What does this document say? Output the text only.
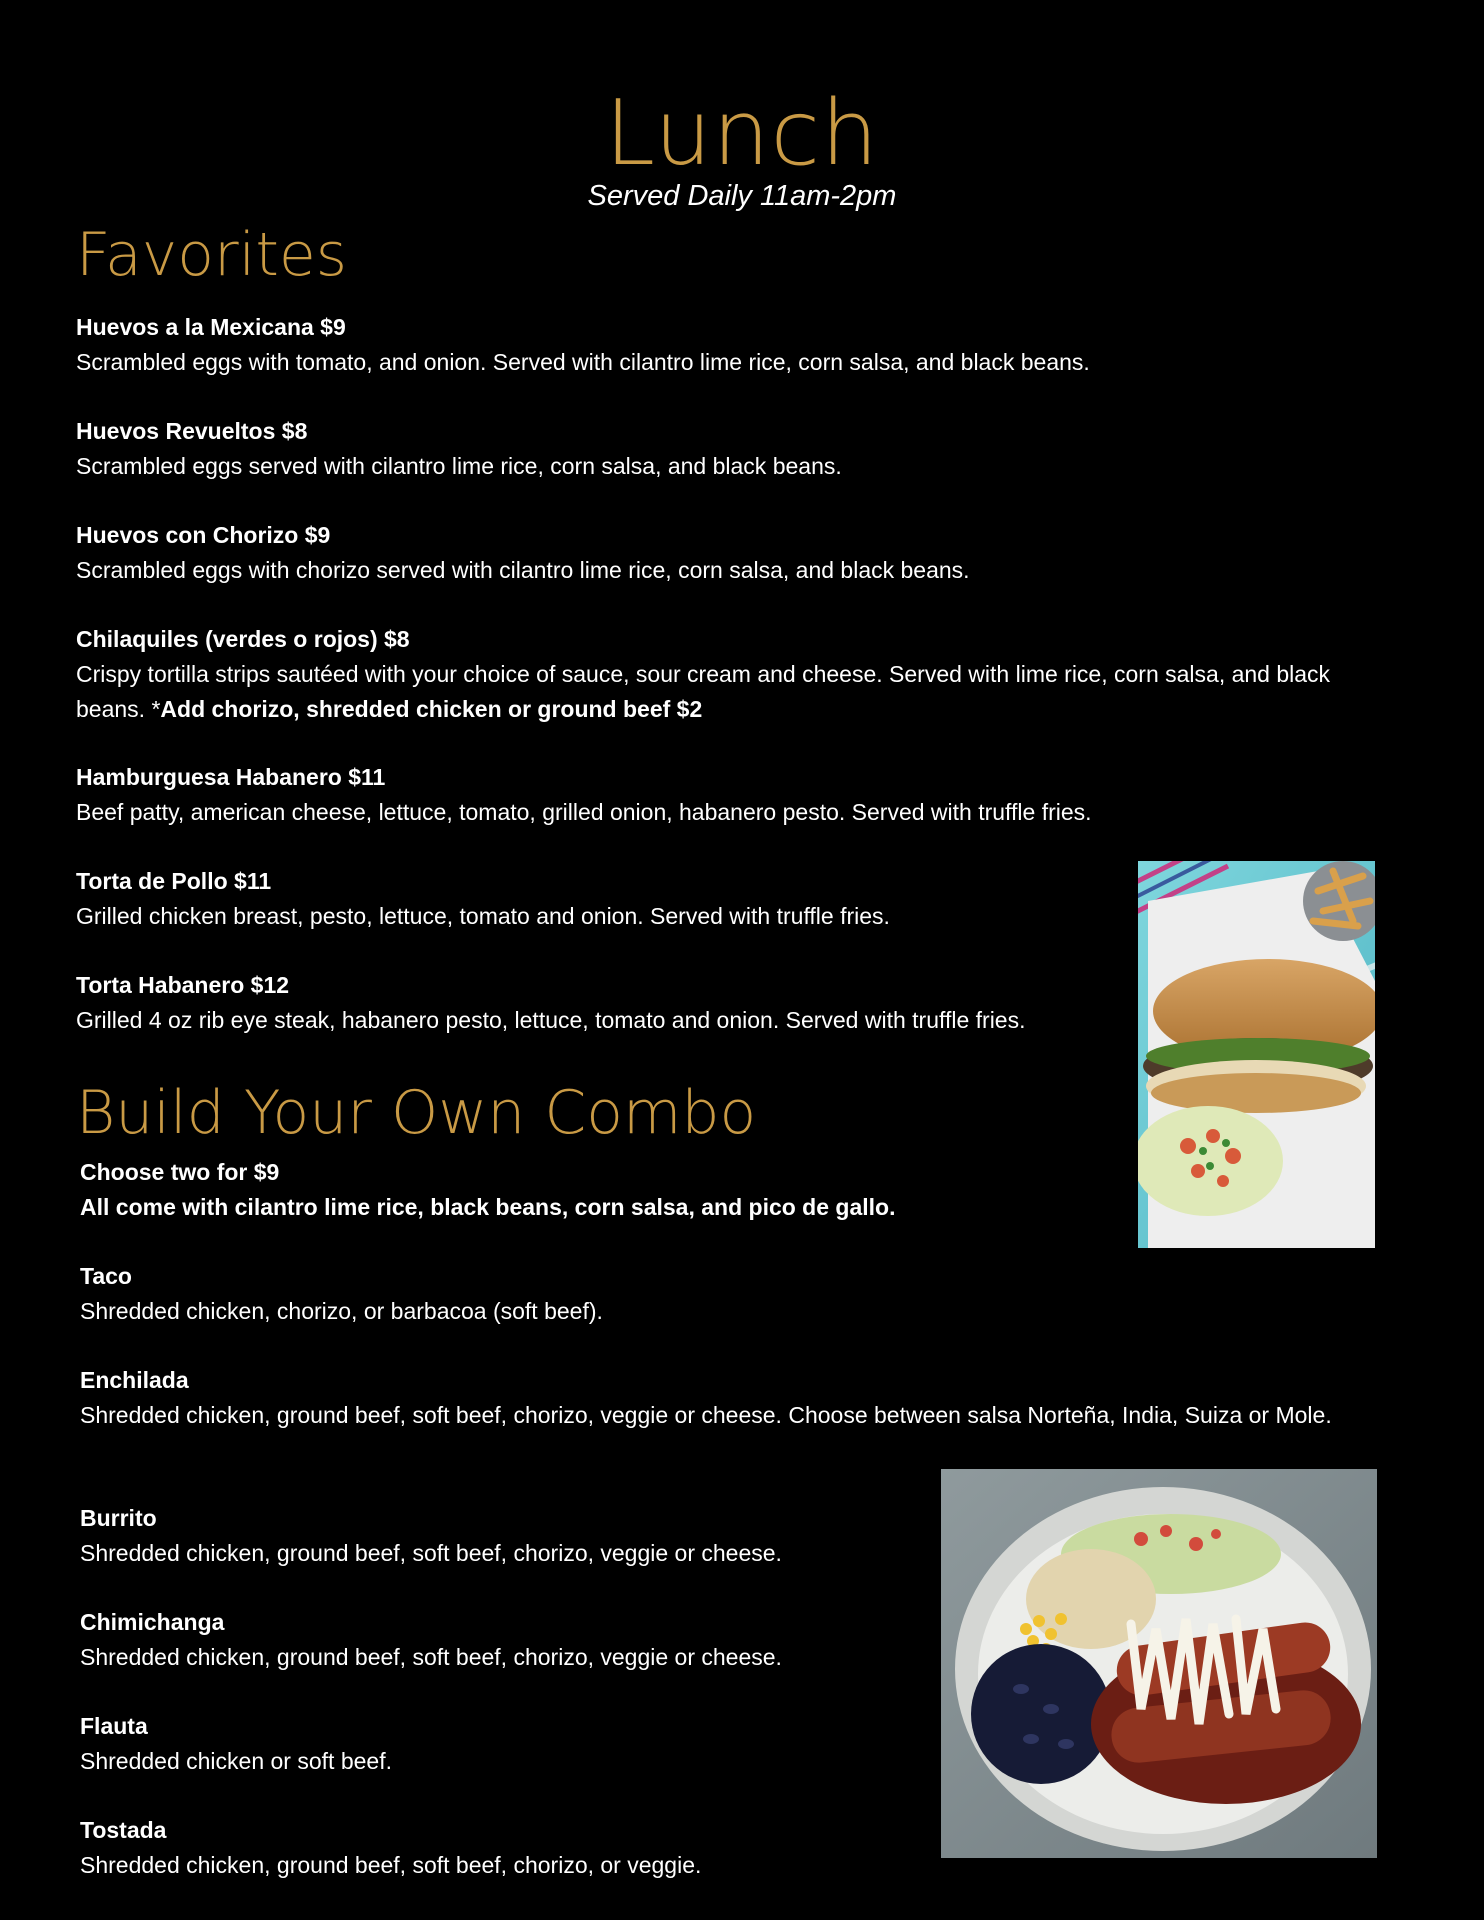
Lunch
Served Daily 11am-2pm
Favorites
Huevos a la Mexicana $9
Scrambled eggs with tomato, and onion. Served with cilantro lime rice, corn salsa, and black beans.
Huevos Revueltos $8
Scrambled eggs served with cilantro lime rice, corn salsa, and black beans.
Huevos con Chorizo $9
Scrambled eggs with chorizo served with cilantro lime rice, corn salsa, and black beans.
Chilaquiles (verdes o rojos) $8
Crispy tortilla strips sautéed with your choice of sauce, sour cream and cheese. Served with lime rice, corn salsa, and black beans. *Add chorizo, shredded chicken or ground beef $2
Hamburguesa Habanero $11
Beef patty, american cheese, lettuce, tomato, grilled onion, habanero pesto. Served with truffle fries.
Torta de Pollo $11
Grilled chicken breast, pesto, lettuce, tomato and onion. Served with truffle fries.
Torta Habanero $12
Grilled 4 oz rib eye steak, habanero pesto, lettuce, tomato and onion. Served with truffle fries.
Build Your Own Combo
Choose two for $9
All come with cilantro lime rice, black beans, corn salsa, and pico de gallo.
Taco
Shredded chicken, chorizo, or barbacoa (soft beef).
Enchilada
Shredded chicken, ground beef, soft beef, chorizo, veggie or cheese. Choose between salsa Norteña, India, Suiza or Mole.
Burrito
Shredded chicken, ground beef, soft beef, chorizo, veggie or cheese.
Chimichanga
Shredded chicken, ground beef, soft beef, chorizo, veggie or cheese.
Flauta
Shredded chicken or soft beef.
Tostada
Shredded chicken, ground beef, soft beef, chorizo, or veggie.
